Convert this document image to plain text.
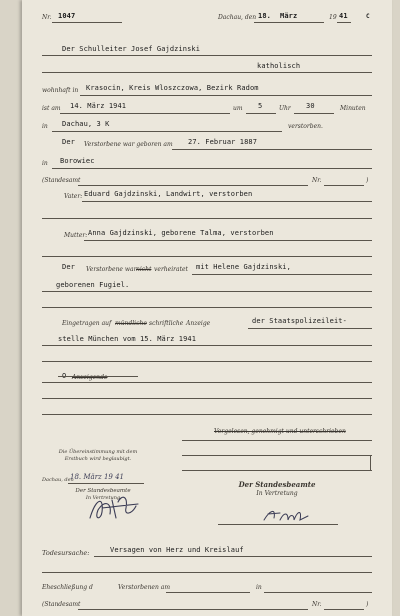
Nr. 1047	Dachau, den 18. März	19 41	C
Der Schulleiter Josef Gajdzinski
katholisch
wohnhaft in Krasocin, Kreis Wloszczowa, Bezirk Radom
ist am 14. März 1941	um 5	Uhr 30	Minuten
in Dachau, 3 K	verstorben.
Der Verstorbene war geboren am 27. Februar 1887
in Borowiec
(Standesamt	Nr.	)
Vater: Eduard Gajdzinski, Landwirt, verstorben
Mutter: Anna Gajdzinski, geborene Talma, verstorben
Der Verstorbene war nicht verheiratet mit Helene Gajdzinski,
geborenen Fugiel.
Eingetragen auf mündliche schriftliche Anzeige	der Staatspolizeileit-
stelle München vom 15. März 1941
O Anzeigende
Vorgelesen, genehmigt und unterschrieben
Die Übereinstimmung mit dem
Erstbuch wird beglaubigt.
Dachau, den
18. März 19 41
Der Standesbeamte
In Vertretung
Der Standesbeamte
In Vertretung
Todesursache:	Versagen von Herz und Kreislauf
Eheschließung d	Verstorbenen am	in
(Standesamt	Nr.	)
